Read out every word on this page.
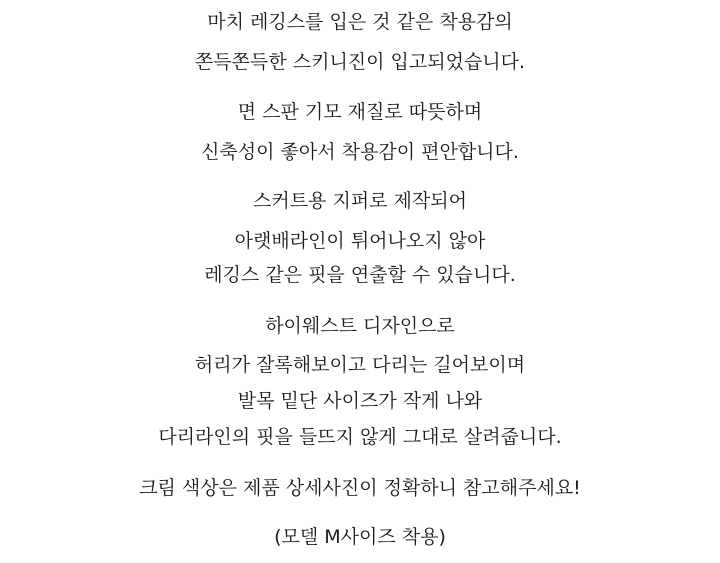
마치 레깅스를 입은 것 같은 착용감의
쫀득쫀득한 스키니진이 입고되었습니다.
면 스판 기모 재질로 따뜻하며
신축성이 좋아서 착용감이 편안합니다.
스커트용 지퍼로 제작되어
아랫배라인이 튀어나오지 않아
레깅스 같은 핏을 연출할 수 있습니다.
하이웨스트 디자인으로
허리가 잘록해보이고 다리는 길어보이며
발목 밑단 사이즈가 작게 나와
다리라인의 핏을 들뜨지 않게 그대로 살려줍니다.
크림 색상은 제품 상세사진이 정확하니 참고해주세요!
(모델 M사이즈 착용)
